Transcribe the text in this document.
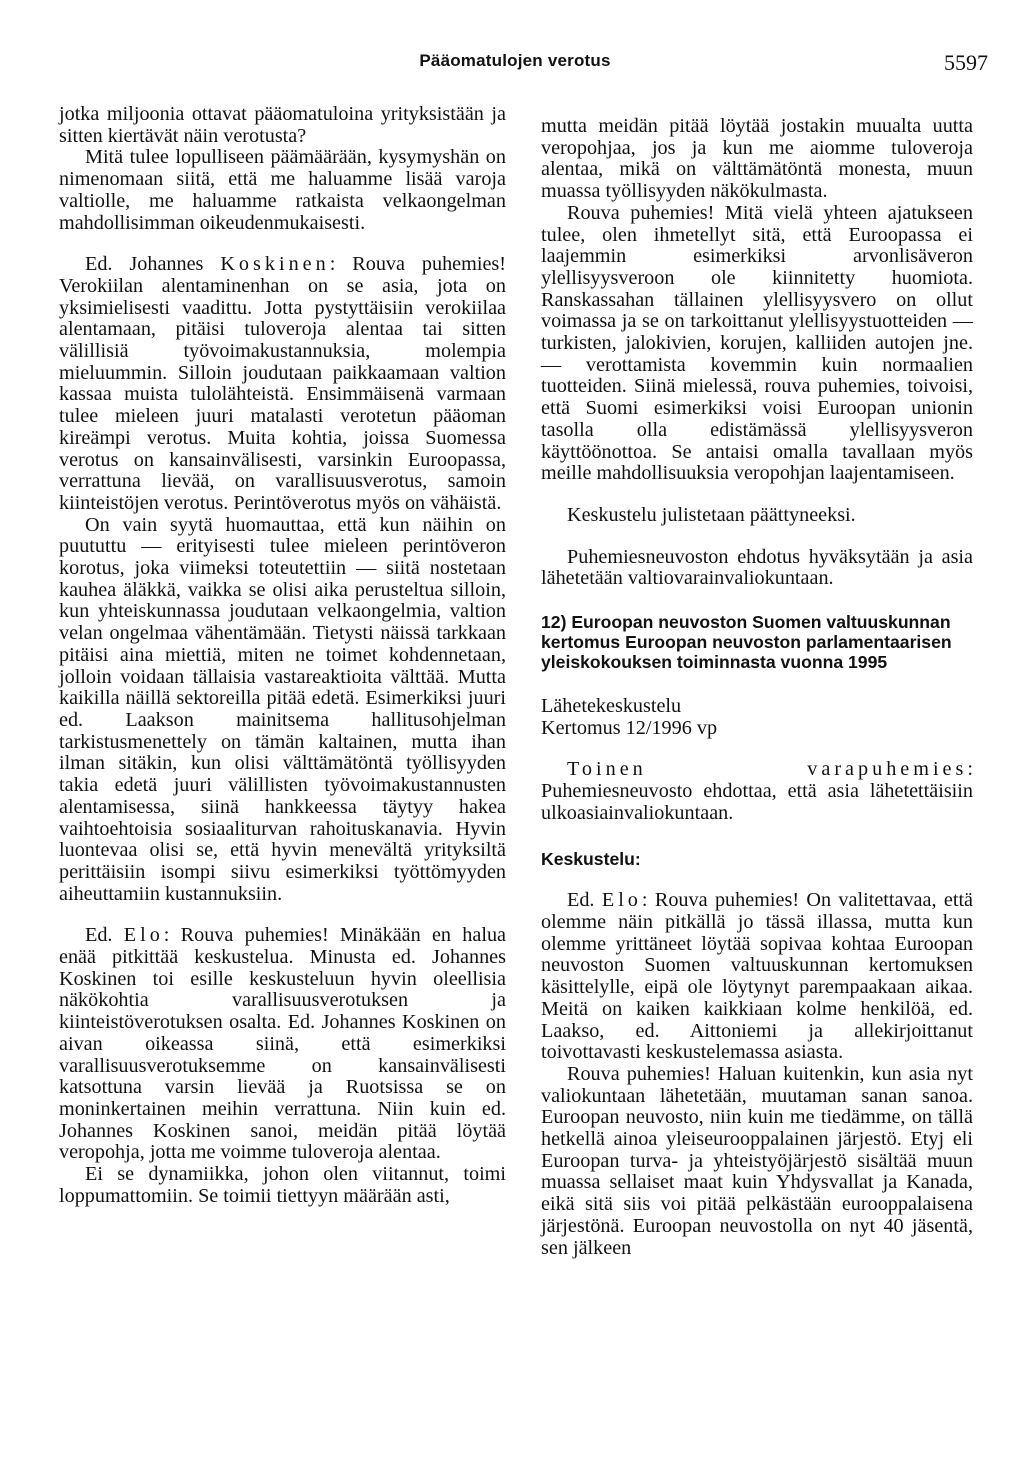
Pääomatulojen verotus	5597

jotka miljoonia ottavat pääomatuloina yrityksistään ja sitten kiertävät näin verotusta?

Mitä tulee lopulliseen päämäärään, kysymyshän on nimenomaan siitä, että me haluamme lisää varoja valtiolle, me haluamme ratkaista velkaongelman mahdollisimman oikeudenmukaisesti.

Ed. Johannes Koskinen: Rouva puhemies! Verokiilan alentaminenhan on se asia, jota on yksimielisesti vaadittu. Jotta pystyttäisiin verokiilaa alentamaan, pitäisi tuloveroja alentaa tai sitten välillisiä työvoimakustannuksia, molempia mieluummin. Silloin joudutaan paikkaamaan valtion kassaa muista tulolähteistä. Ensimmäisenä varmaan tulee mieleen juuri matalasti verotetun pääoman kireämpi verotus. Muita kohtia, joissa Suomessa verotus on kansainvälisesti, varsinkin Euroopassa, verrattuna lievää, on varallisuusverotus, samoin kiinteistöjen verotus. Perintöverotus myös on vähäistä.

On vain syytä huomauttaa, että kun näihin on puututtu — erityisesti tulee mieleen perintöveron korotus, joka viimeksi toteutettiin — siitä nostetaan kauhea äläkkä, vaikka se olisi aika perusteltua silloin, kun yhteiskunnassa joudutaan velkaongelmia, valtion velan ongelmaa vähentämään. Tietysti näissä tarkkaan pitäisi aina miettiä, miten ne toimet kohdennetaan, jolloin voidaan tällaisia vastareaktioita välttää. Mutta kaikilla näillä sektoreilla pitää edetä. Esimerkiksi juuri ed. Laakson mainitsema hallitusohjelman tarkistusmenettely on tämän kaltainen, mutta ihan ilman sitäkin, kun olisi välttämätöntä työllisyyden takia edetä juuri välillisten työvoimakustannusten alentamisessa, siinä hankkeessa täytyy hakea vaihtoehtoisia sosiaaliturvan rahoituskanavia. Hyvin luontevaa olisi se, että hyvin menevältä yrityksiltä perittäisiin isompi siivu esimerkiksi työttömyyden aiheuttamiin kustannuksiin.

Ed. Elo: Rouva puhemies! Minäkään en halua enää pitkittää keskustelua. Minusta ed. Johannes Koskinen toi esille keskusteluun hyvin oleellisia näkökohtia varallisuusverotuksen ja kiinteistöverotuksen osalta. Ed. Johannes Koskinen on aivan oikeassa siinä, että esimerkiksi varallisuusverotuksemme on kansainvälisesti katsottuna varsin lievää ja Ruotsissa se on moninkertainen meihin verrattuna. Niin kuin ed. Johannes Koskinen sanoi, meidän pitää löytää veropohja, jotta me voimme tuloveroja alentaa.

Ei se dynamiikka, johon olen viitannut, toimi loppumattomiin. Se toimii tiettyyn määrään asti,

mutta meidän pitää löytää jostakin muualta uutta veropohjaa, jos ja kun me aiomme tuloveroja alentaa, mikä on välttämätöntä monesta, muun muassa työllisyyden näkökulmasta.

Rouva puhemies! Mitä vielä yhteen ajatukseen tulee, olen ihmetellyt sitä, että Euroopassa ei laajemmin esimerkiksi arvonlisäveron ylellisyysveroon ole kiinnitetty huomiota. Ranskassahan tällainen ylellisyysvero on ollut voimassa ja se on tarkoittanut ylellisyystuotteiden — turkisten, jalokivien, korujen, kalliiden autojen jne. — verottamista kovemmin kuin normaalien tuotteiden. Siinä mielessä, rouva puhemies, toivoisi, että Suomi esimerkiksi voisi Euroopan unionin tasolla olla edistämässä ylellisyysveron käyttöönottoa. Se antaisi omalla tavallaan myös meille mahdollisuuksia veropohjan laajentamiseen.

Keskustelu julistetaan päättyneeksi.

Puhemiesneuvoston ehdotus hyväksytään ja asia lähetetään valtiovarainvaliokuntaan.

12) Euroopan neuvoston Suomen valtuuskunnan kertomus Euroopan neuvoston parlamentaarisen yleiskokouksen toiminnasta vuonna 1995

Lähetekeskustelu

Kertomus 12/1996 vp

Toinen varapuhemies: Puhemiesneuvosto ehdottaa, että asia lähetettäisiin ulkoasiainvaliokuntaan.

Keskustelu:

Ed. Elo: Rouva puhemies! On valitettavaa, että olemme näin pitkällä jo tässä illassa, mutta kun olemme yrittäneet löytää sopivaa kohtaa Euroopan neuvoston Suomen valtuuskunnan kertomuksen käsittelylle, eipä ole löytynyt parempaakaan aikaa. Meitä on kaiken kaikkiaan kolme henkilöä, ed. Laakso, ed. Aittoniemi ja allekirjoittanut toivottavasti keskustelemassa asiasta.

Rouva puhemies! Haluan kuitenkin, kun asia nyt valiokuntaan lähetetään, muutaman sanan sanoa. Euroopan neuvosto, niin kuin me tiedämme, on tällä hetkellä ainoa yleiseurooppalainen järjestö. Etyj eli Euroopan turva- ja yhteistyöjärjestö sisältää muun muassa sellaiset maat kuin Yhdysvallat ja Kanada, eikä sitä siis voi pitää pelkästään eurooppalaisena järjestönä. Euroopan neuvostolla on nyt 40 jäsentä, sen jälkeen
